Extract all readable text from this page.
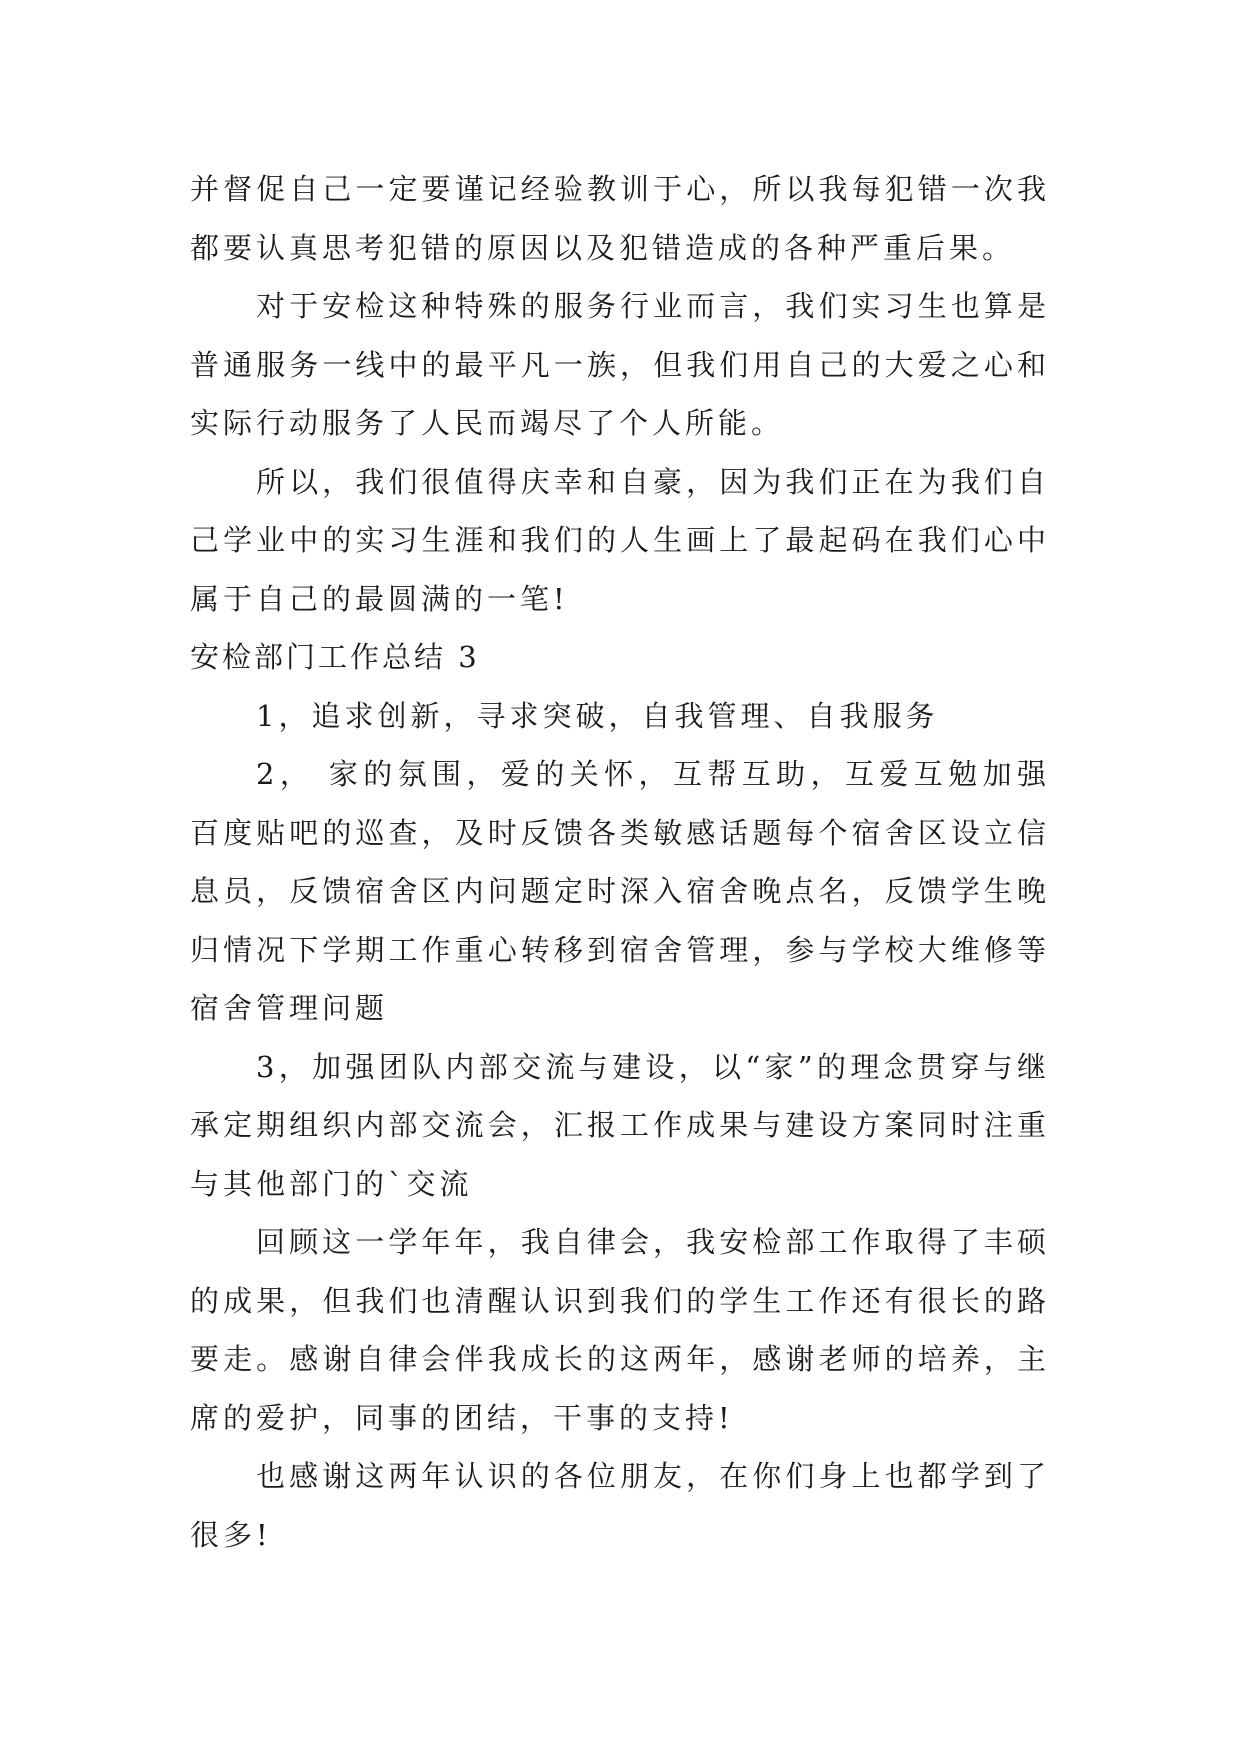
并督促自己一定要谨记经验教训于心，所以我每犯错一次我都要认真思考犯错的原因以及犯错造成的各种严重后果。

对于安检这种特殊的服务行业而言，我们实习生也算是普通服务一线中的最平凡一族，但我们用自己的大爱之心和实际行动服务了人民而竭尽了个人所能。

所以，我们很值得庆幸和自豪，因为我们正在为我们自己学业中的实习生涯和我们的人生画上了最起码在我们心中属于自己的最圆满的一笔!

安检部门工作总结 3

1，追求创新，寻求突破，自我管理、自我服务

2， 家的氛围，爱的关怀，互帮互助，互爱互勉加强百度贴吧的巡查，及时反馈各类敏感话题每个宿舍区设立信息员，反馈宿舍区内问题定时深入宿舍晚点名，反馈学生晚归情况下学期工作重心转移到宿舍管理，参与学校大维修等宿舍管理问题

3，加强团队内部交流与建设，以“家”的理念贯穿与继承定期组织内部交流会，汇报工作成果与建设方案同时注重与其他部门的`交流

回顾这一学年年，我自律会，我安检部工作取得了丰硕的成果，但我们也清醒认识到我们的学生工作还有很长的路要走。感谢自律会伴我成长的这两年，感谢老师的培养，主席的爱护，同事的团结，干事的支持!

也感谢这两年认识的各位朋友，在你们身上也都学到了很多!
